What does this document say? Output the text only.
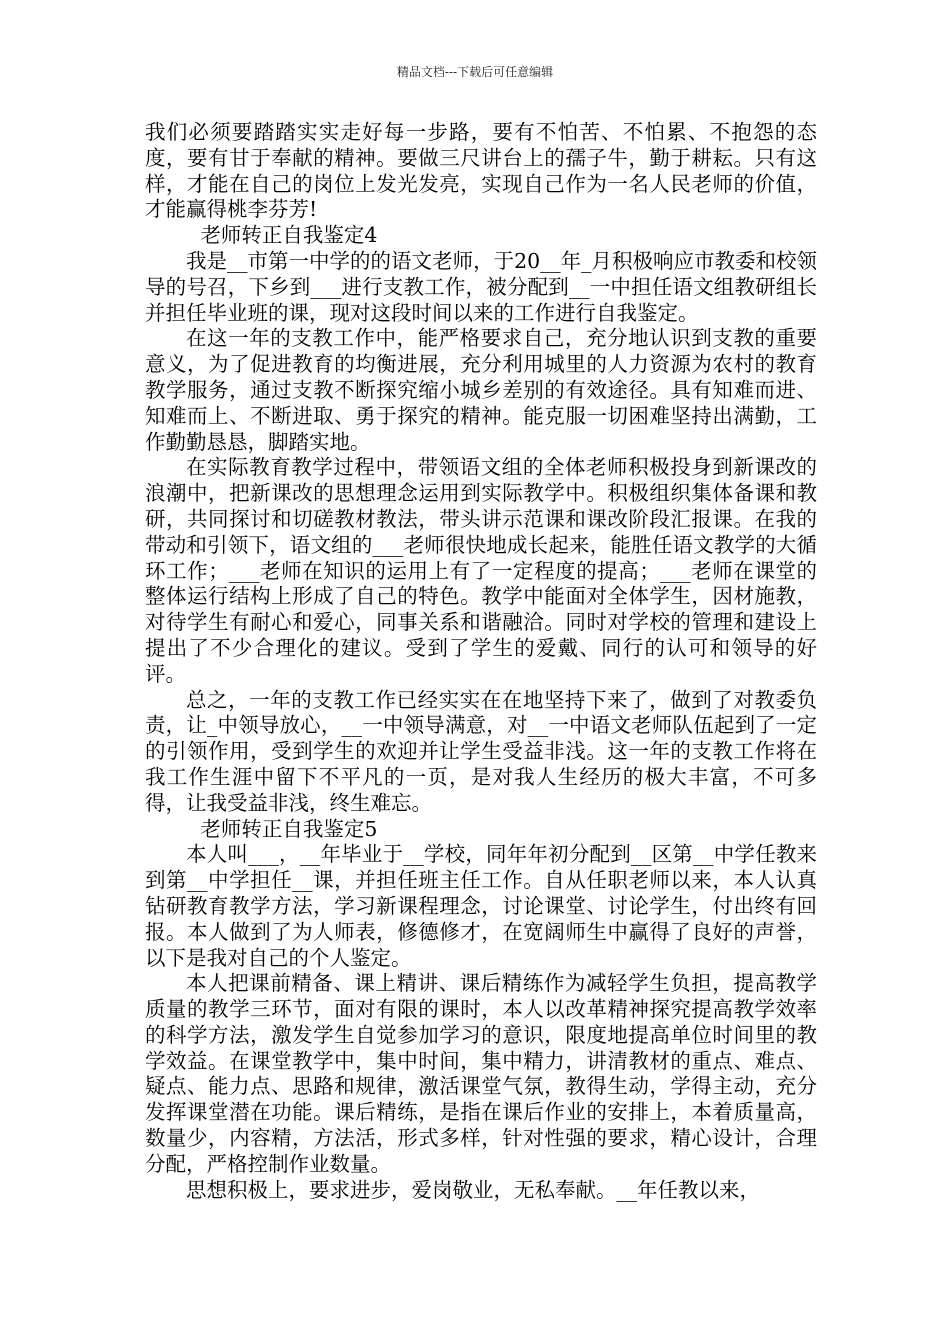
精品文档---下载后可任意编辑

我们必须要踏踏实实走好每一步路，要有不怕苦、不怕累、不抱怨的态度，要有甘于奉献的精神。要做三尺讲台上的孺子牛，勤于耕耘。只有这样，才能在自己的岗位上发光发亮，实现自己作为一名人民老师的价值，才能赢得桃李芬芳!

老师转正自我鉴定4

我是__市第一中学的的语文老师，于20__年_月积极响应市教委和校领导的号召，下乡到___进行支教工作，被分配到__一中担任语文组教研组长并担任毕业班的课，现对这段时间以来的工作进行自我鉴定。

在这一年的支教工作中，能严格要求自己，充分地认识到支教的重要意义，为了促进教育的均衡进展，充分利用城里的人力资源为农村的教育教学服务，通过支教不断探究缩小城乡差别的有效途径。具有知难而进、知难而上、不断进取、勇于探究的精神。能克服一切困难坚持出满勤，工作勤勤恳恳，脚踏实地。

在实际教育教学过程中，带领语文组的全体老师积极投身到新课改的浪潮中，把新课改的思想理念运用到实际教学中。积极组织集体备课和教研，共同探讨和切磋教材教法，带头讲示范课和课改阶段汇报课。在我的带动和引领下，语文组的___老师很快地成长起来，能胜任语文教学的大循环工作；___老师在知识的运用上有了一定程度的提高；___老师在课堂的整体运行结构上形成了自己的特色。教学中能面对全体学生，因材施教，对待学生有耐心和爱心，同事关系和谐融洽。同时对学校的管理和建设上提出了不少合理化的建议。受到了学生的爱戴、同行的认可和领导的好评。

总之，一年的支教工作已经实实在在地坚持下来了，做到了对教委负责，让_中领导放心，__一中领导满意，对__一中语文老师队伍起到了一定的引领作用，受到学生的欢迎并让学生受益非浅。这一年的支教工作将在我工作生涯中留下不平凡的一页，是对我人生经历的极大丰富，不可多得，让我受益非浅，终生难忘。

老师转正自我鉴定5

本人叫___，__年毕业于__学校，同年年初分配到__区第__中学任教来到第__中学担任__课，并担任班主任工作。自从任职老师以来，本人认真钻研教育教学方法，学习新课程理念，讨论课堂、讨论学生，付出终有回报。本人做到了为人师表，修德修才，在宽阔师生中赢得了良好的声誉，以下是我对自己的个人鉴定。

本人把课前精备、课上精讲、课后精练作为减轻学生负担，提高教学质量的教学三环节，面对有限的课时，本人以改革精神探究提高教学效率的科学方法，激发学生自觉参加学习的意识，限度地提高单位时间里的教学效益。在课堂教学中，集中时间，集中精力，讲清教材的重点、难点、疑点、能力点、思路和规律，激活课堂气氛，教得生动，学得主动，充分发挥课堂潜在功能。课后精练，是指在课后作业的安排上，本着质量高，数量少，内容精，方法活，形式多样，针对性强的要求，精心设计，合理分配，严格控制作业数量。

思想积极上，要求进步，爱岗敬业，无私奉献。__年任教以来，
